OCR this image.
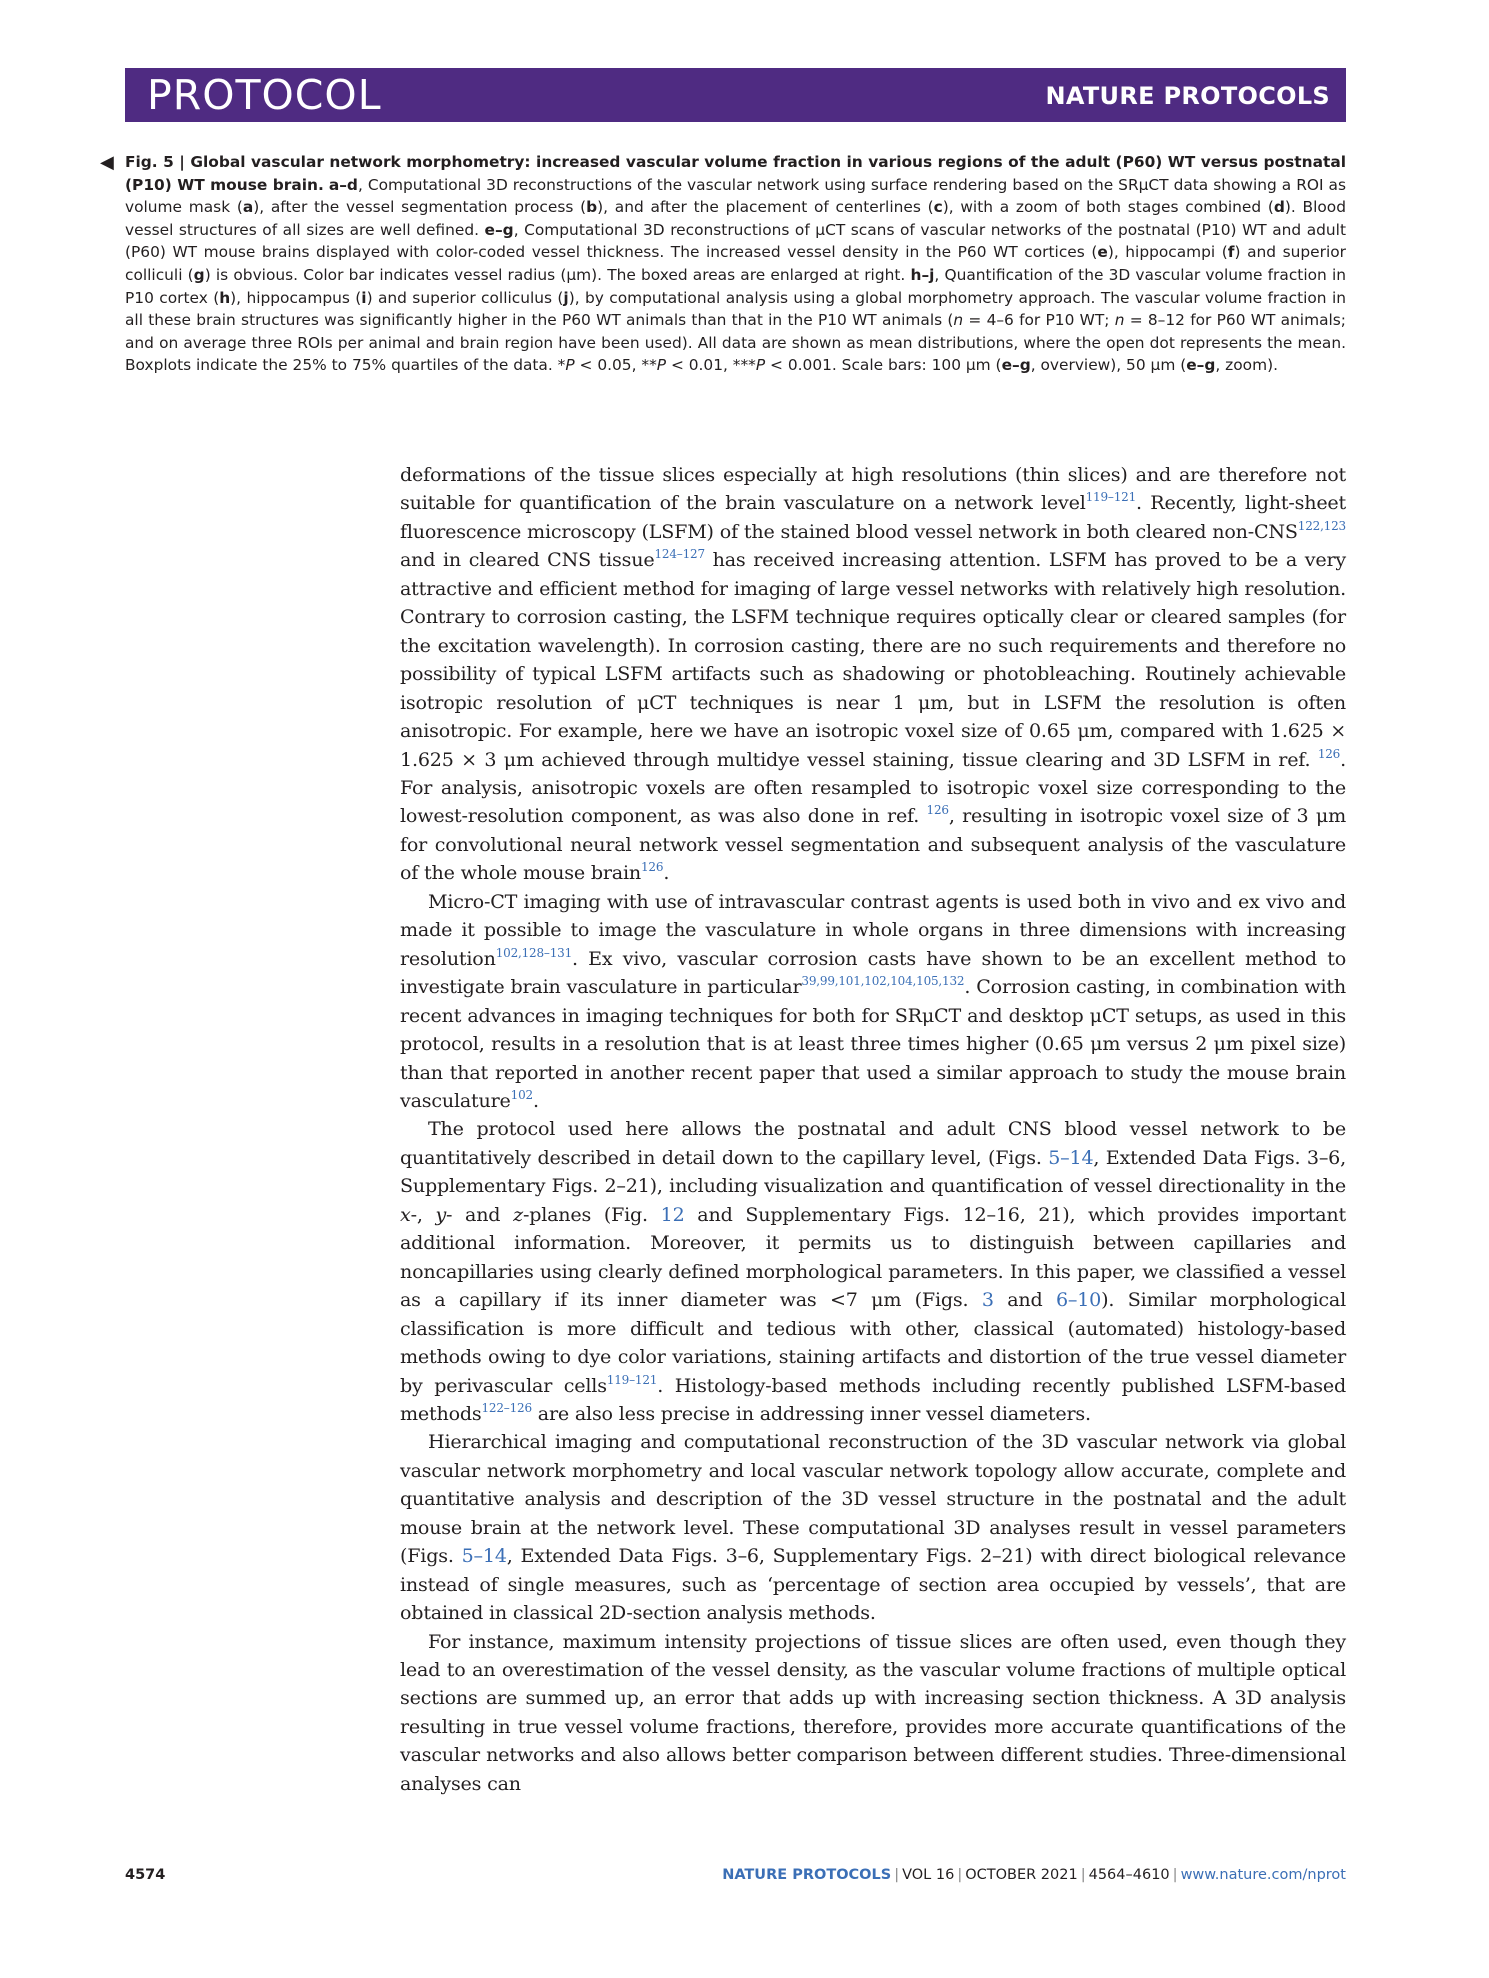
PROTOCOL	NATURE PROTOCOLS
◀ Fig. 5 | Global vascular network morphometry: increased vascular volume fraction in various regions of the adult (P60) WT versus postnatal (P10) WT mouse brain. a–d, Computational 3D reconstructions of the vascular network using surface rendering based on the SRμCT data showing a ROI as volume mask (a), after the vessel segmentation process (b), and after the placement of centerlines (c), with a zoom of both stages combined (d). Blood vessel structures of all sizes are well defined. e–g, Computational 3D reconstructions of μCT scans of vascular networks of the postnatal (P10) WT and adult (P60) WT mouse brains displayed with color-coded vessel thickness. The increased vessel density in the P60 WT cortices (e), hippocampi (f) and superior colliculi (g) is obvious. Color bar indicates vessel radius (μm). The boxed areas are enlarged at right. h–j, Quantification of the 3D vascular volume fraction in P10 cortex (h), hippocampus (i) and superior colliculus (j), by computational analysis using a global morphometry approach. The vascular volume fraction in all these brain structures was significantly higher in the P60 WT animals than that in the P10 WT animals (n = 4–6 for P10 WT; n = 8–12 for P60 WT animals; and on average three ROIs per animal and brain region have been used). All data are shown as mean distributions, where the open dot represents the mean. Boxplots indicate the 25% to 75% quartiles of the data. *P < 0.05, **P < 0.01, ***P < 0.001. Scale bars: 100 μm (e–g, overview), 50 μm (e–g, zoom).

deformations of the tissue slices especially at high resolutions (thin slices) and are therefore not suitable for quantification of the brain vasculature on a network level$^{119-121}$. Recently, light-sheet fluorescence microscopy (LSFM) of the stained blood vessel network in both cleared non-CNS$^{122,123}$ and in cleared CNS tissue$^{124-127}$ has received increasing attention. LSFM has proved to be a very attractive and efficient method for imaging of large vessel networks with relatively high resolution. Contrary to corrosion casting, the LSFM technique requires optically clear or cleared samples (for the excitation wavelength). In corrosion casting, there are no such requirements and therefore no possibility of typical LSFM artifacts such as shadowing or photobleaching. Routinely achievable isotropic resolution of μCT techniques is near 1 μm, but in LSFM the resolution is often anisotropic. For example, here we have an isotropic voxel size of 0.65 μm, compared with 1.625 × 1.625 × 3 μm achieved through multidye vessel staining, tissue clearing and 3D LSFM in ref. $^{126}$. For analysis, anisotropic voxels are often resampled to isotropic voxel size corresponding to the lowest-resolution component, as was also done in ref. $^{126}$, resulting in isotropic voxel size of 3 μm for convolutional neural network vessel segmentation and subsequent analysis of the vasculature of the whole mouse brain$^{126}$.

Micro-CT imaging with use of intravascular contrast agents is used both in vivo and ex vivo and made it possible to image the vasculature in whole organs in three dimensions with increasing resolution$^{102,128-131}$. Ex vivo, vascular corrosion casts have shown to be an excellent method to investigate brain vasculature in particular$^{39,99,101,102,104,105,132}$. Corrosion casting, in combination with recent advances in imaging techniques for both for SRμCT and desktop μCT setups, as used in this protocol, results in a resolution that is at least three times higher (0.65 μm versus 2 μm pixel size) than that reported in another recent paper that used a similar approach to study the mouse brain vasculature$^{102}$.

The protocol used here allows the postnatal and adult CNS blood vessel network to be quantitatively described in detail down to the capillary level, (Figs. 5–14, Extended Data Figs. 3–6, Supplementary Figs. 2–21), including visualization and quantification of vessel directionality in the x-, y- and z-planes (Fig. 12 and Supplementary Figs. 12–16, 21), which provides important additional information. Moreover, it permits us to distinguish between capillaries and noncapillaries using clearly defined morphological parameters. In this paper, we classified a vessel as a capillary if its inner diameter was <7 μm (Figs. 3 and 6–10). Similar morphological classification is more difficult and tedious with other, classical (automated) histology-based methods owing to dye color variations, staining artifacts and distortion of the true vessel diameter by perivascular cells$^{119-121}$. Histology-based methods including recently published LSFM-based methods$^{122-126}$ are also less precise in addressing inner vessel diameters.

Hierarchical imaging and computational reconstruction of the 3D vascular network via global vascular network morphometry and local vascular network topology allow accurate, complete and quantitative analysis and description of the 3D vessel structure in the postnatal and the adult mouse brain at the network level. These computational 3D analyses result in vessel parameters (Figs. 5–14, Extended Data Figs. 3–6, Supplementary Figs. 2–21) with direct biological relevance instead of single measures, such as ‘percentage of section area occupied by vessels’, that are obtained in classical 2D-section analysis methods.

For instance, maximum intensity projections of tissue slices are often used, even though they lead to an overestimation of the vessel density, as the vascular volume fractions of multiple optical sections are summed up, an error that adds up with increasing section thickness. A 3D analysis resulting in true vessel volume fractions, therefore, provides more accurate quantifications of the vascular networks and also allows better comparison between different studies. Three-dimensional analyses can

4574	NATURE PROTOCOLS | VOL 16 | OCTOBER 2021 | 4564–4610 | www.nature.com/nprot
